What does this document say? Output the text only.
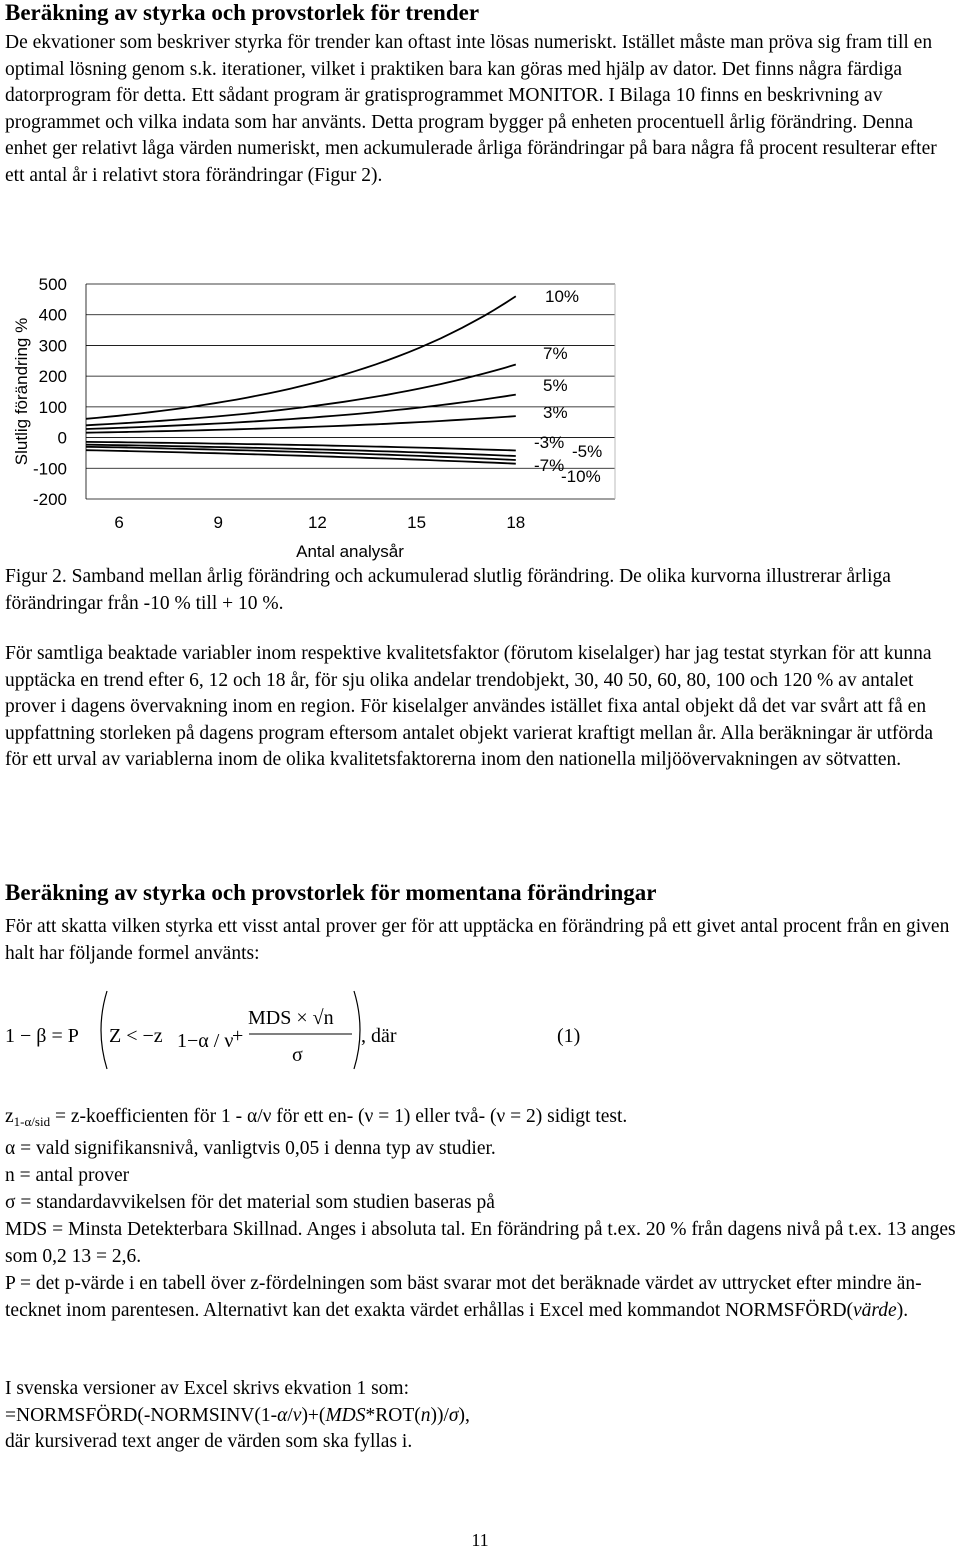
Beräkning av styrka och provstorlek för trender

De ekvationer som beskriver styrka för trender kan oftast inte lösas numeriskt. Istället måste man pröva sig fram till en optimal lösning genom s.k. iterationer, vilket i praktiken bara kan göras med hjälp av dator. Det finns några färdiga datorprogram för detta. Ett sådant program är gratisprogrammet MONITOR. I Bilaga 10 finns en beskrivning av programmet och vilka indata som har använts. Detta program bygger på enheten procentuell årlig förändring. Denna enhet ger relativt låga värden numeriskt, men ackumulerade årliga förändringar på bara några få procent resulterar efter ett antal år i relativt stora förändringar (Figur 2).

500
400
300
200
100
0
-100
-200
6	9	12	15	18
10%
7%
5%
3%
-3% -5%
-7%
-10%
Slutlig förändring %
Antal analysår

Figur 2. Samband mellan årlig förändring och ackumulerad slutlig förändring. De olika kurvorna illustrerar årliga förändringar från -10 % till + 10 %.

För samtliga beaktade variabler inom respektive kvalitetsfaktor (förutom kiselalger) har jag testat styrkan för att kunna upptäcka en trend efter 6, 12 och 18 år, för sju olika andelar trendobjekt, 30, 40 50, 60, 80, 100 och 120 % av antalet prover i dagens övervakning inom en region. För kiselalger användes istället fixa antal objekt då det var svårt att få en uppfattning storleken på dagens program eftersom antalet objekt varierat kraftigt mellan år. Alla beräkningar är utförda för ett urval av variablerna inom de olika kvalitetsfaktorerna inom den nationella miljöövervakningen av sötvatten.

Beräkning av styrka och provstorlek för momentana förändringar

För att skatta vilken styrka ett visst antal prover ger för att upptäcka en förändring på ett givet antal procent från en given halt har följande formel använts:

1 − β = P Z < −z 1−α / ν
+
MDS × √n
σ
, där	(1)

$z_{1-\alpha/sid}$ = z-koefficienten för 1 - α/ν för ett en- (ν = 1) eller två- (ν = 2) sidigt test.

α = vald signifikansnivå, vanligtvis 0,05 i denna typ av studier.

n = antal prover

σ = standardavvikelsen för det material som studien baseras på

MDS = Minsta Detekterbara Skillnad. Anges i absoluta tal. En förändring på t.ex. 20 % från dagens nivå på t.ex. 13 anges som 0,2 13 = 2,6.

P = det p-värde i en tabell över z-fördelningen som bäst svarar mot det beräknade värdet av uttrycket efter mindre än-tecknet inom parentesen. Alternativt kan det exakta värdet erhållas i Excel med kommandot NORMSFÖRD(värde).

I svenska versioner av Excel skrivs ekvation 1 som:

=NORMSFÖRD(-NORMSINV(1-α/ν)+(MDS*ROT(n))/σ),

där kursiverad text anger de värden som ska fyllas i.

11
